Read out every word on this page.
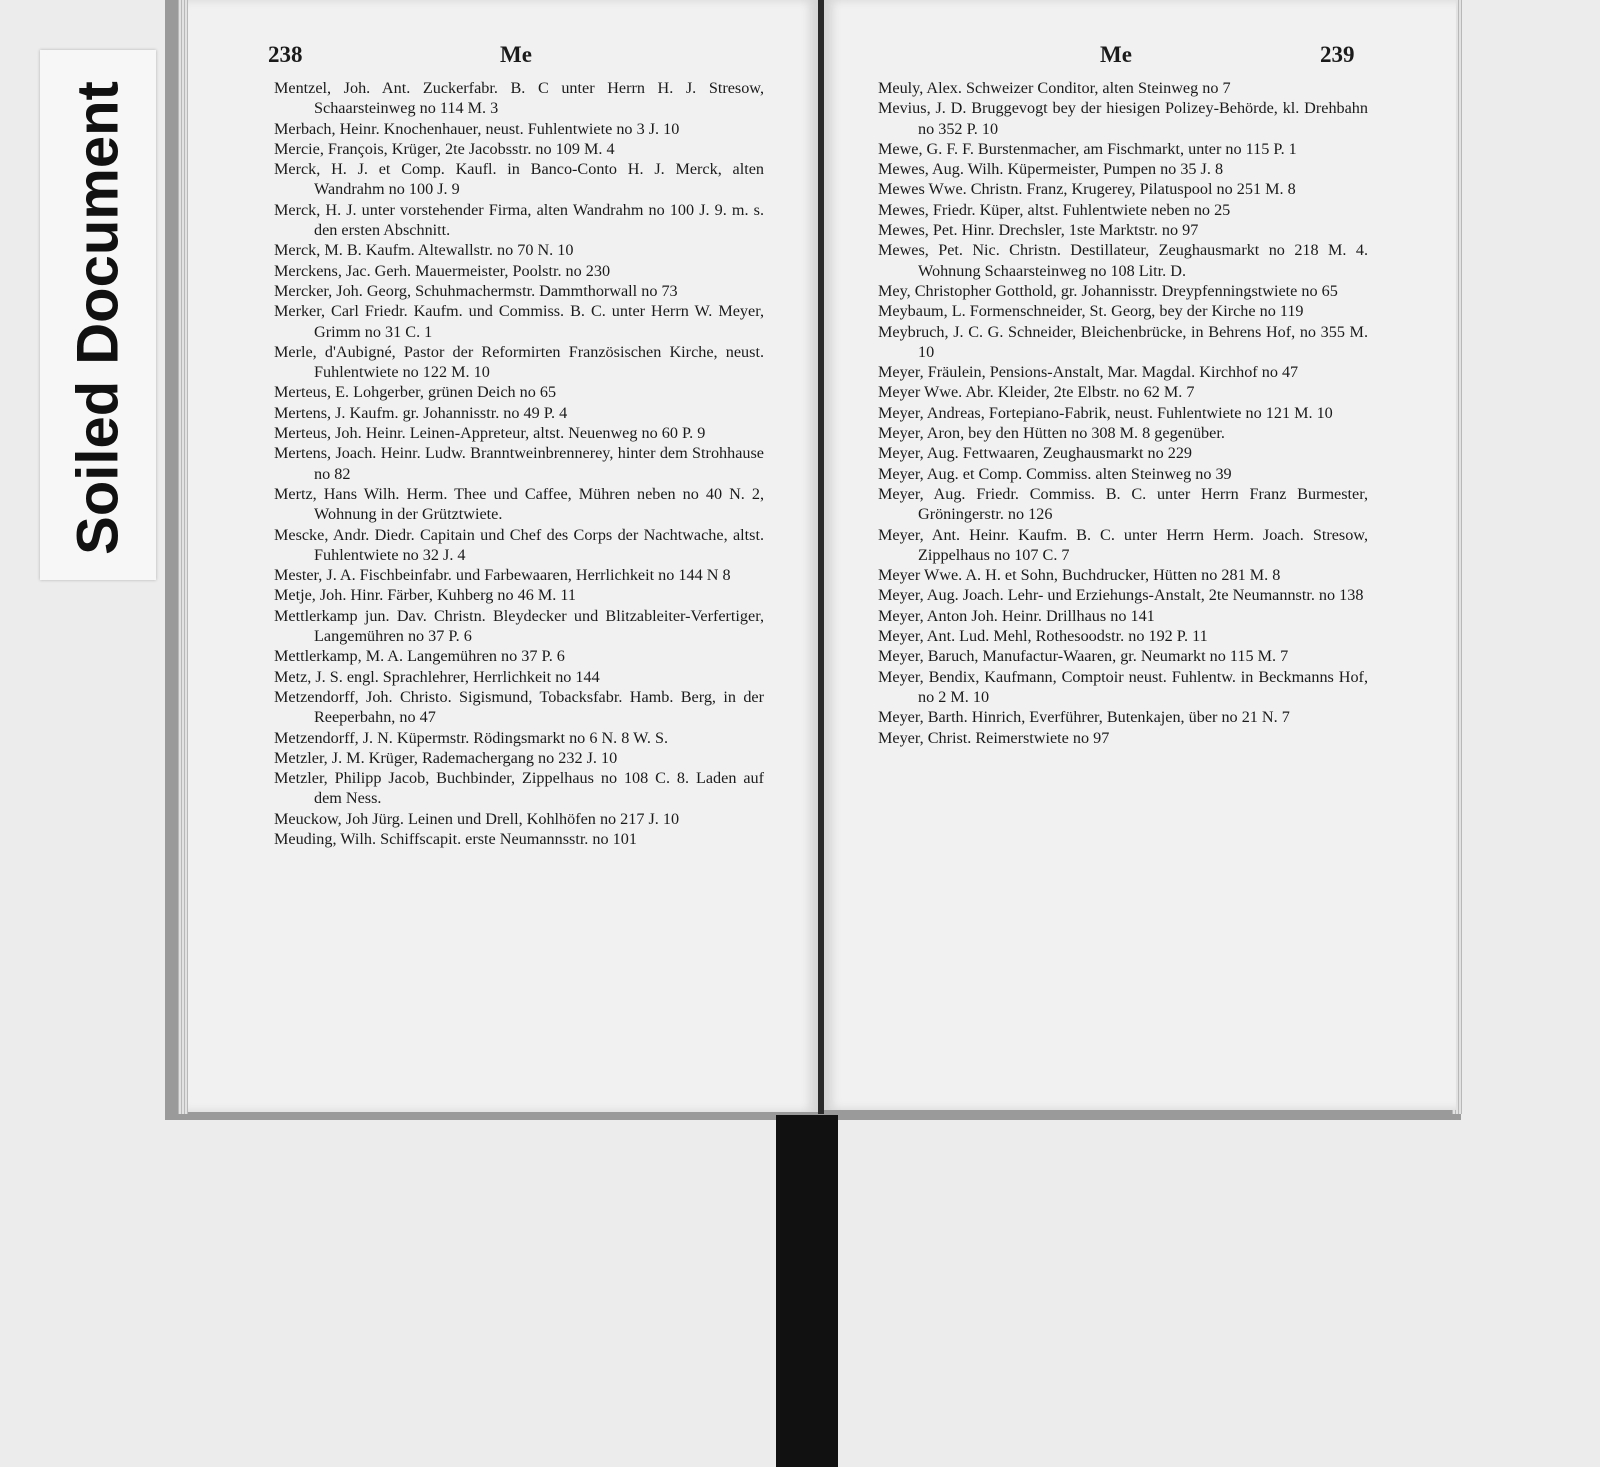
Soiled Document
238	Me	Me	239
Mentzel, Joh. Ant. Zuckerfabr. B. C unter Herrn H. J. Stresow, Schaarsteinweg no 114 M. 3
Merbach, Heinr. Knochenhauer, neust. Fuhlentwiete no 3 J. 10
Mercie, François, Krüger, 2te Jacobsstr. no 109 M. 4
Merck, H. J. et Comp. Kaufl. in Banco-Conto H. J. Merck, alten Wandrahm no 100 J. 9
Merck, H. J. unter vorstehender Firma, alten Wandrahm no 100 J. 9. m. s. den ersten Abschnitt.
Merck, M. B. Kaufm. Altewallstr. no 70 N. 10
Merckens, Jac. Gerh. Mauermeister, Poolstr. no 230
Mercker, Joh. Georg, Schuhmachermstr. Dammthorwall no 73
Merker, Carl Friedr. Kaufm. und Commiss. B. C. unter Herrn W. Meyer, Grimm no 31 C. 1
Merle, d'Aubigné, Pastor der Reformirten Französischen Kirche, neust. Fuhlentwiete no 122 M. 10
Merteus, E. Lohgerber, grünen Deich no 65
Mertens, J. Kaufm. gr. Johannisstr. no 49 P. 4
Merteus, Joh. Heinr. Leinen-Appreteur, altst. Neuenweg no 60 P. 9
Mertens, Joach. Heinr. Ludw. Branntweinbrennerey, hinter dem Strohhause no 82
Mertz, Hans Wilh. Herm. Thee und Caffee, Mühren neben no 40 N. 2, Wohnung in der Grütztwiete.
Mescke, Andr. Diedr. Capitain und Chef des Corps der Nachtwache, altst. Fuhlentwiete no 32 J. 4
Mester, J. A. Fischbeinfabr. und Farbewaaren, Herrlichkeit no 144 N 8
Metje, Joh. Hinr. Färber, Kuhberg no 46 M. 11
Mettlerkamp jun. Dav. Christn. Bleydecker und Blitzableiter-Verfertiger, Langemühren no 37 P. 6
Mettlerkamp, M. A. Langemühren no 37 P. 6
Metz, J. S. engl. Sprachlehrer, Herrlichkeit no 144
Metzendorff, Joh. Christo. Sigismund, Tobacksfabr. Hamb. Berg, in der Reeperbahn, no 47
Metzendorff, J. N. Küpermstr. Rödingsmarkt no 6 N. 8 W. S.
Metzler, J. M. Krüger, Rademachergang no 232 J. 10
Metzler, Philipp Jacob, Buchbinder, Zippelhaus no 108 C. 8. Laden auf dem Ness.
Meuckow, Joh Jürg. Leinen und Drell, Kohlhöfen no 217 J. 10
Meuding, Wilh. Schiffscapit. erste Neumannsstr. no 101
Meuly, Alex. Schweizer Conditor, alten Steinweg no 7
Mevius, J. D. Bruggevogt bey der hiesigen Polizey-Behörde, kl. Drehbahn no 352 P. 10
Mewe, G. F. F. Burstenmacher, am Fischmarkt, unter no 115 P. 1
Mewes, Aug. Wilh. Küpermeister, Pumpen no 35 J. 8
Mewes Wwe. Christn. Franz, Krugerey, Pilatuspool no 251 M. 8
Mewes, Friedr. Küper, altst. Fuhlentwiete neben no 25
Mewes, Pet. Hinr. Drechsler, 1ste Marktstr. no 97
Mewes, Pet. Nic. Christn. Destillateur, Zeughausmarkt no 218 M. 4. Wohnung Schaarsteinweg no 108 Litr. D.
Mey, Christopher Gotthold, gr. Johannisstr. Dreypfenningstwiete no 65
Meybaum, L. Formenschneider, St. Georg, bey der Kirche no 119
Meybruch, J. C. G. Schneider, Bleichenbrücke, in Behrens Hof, no 355 M. 10
Meyer, Fräulein, Pensions-Anstalt, Mar. Magdal. Kirchhof no 47
Meyer Wwe. Abr. Kleider, 2te Elbstr. no 62 M. 7
Meyer, Andreas, Fortepiano-Fabrik, neust. Fuhlentwiete no 121 M. 10
Meyer, Aron, bey den Hütten no 308 M. 8 gegenüber.
Meyer, Aug. Fettwaaren, Zeughausmarkt no 229
Meyer, Aug. et Comp. Commiss. alten Steinweg no 39
Meyer, Aug. Friedr. Commiss. B. C. unter Herrn Franz Burmester, Gröningerstr. no 126
Meyer, Ant. Heinr. Kaufm. B. C. unter Herrn Herm. Joach. Stresow, Zippelhaus no 107 C. 7
Meyer Wwe. A. H. et Sohn, Buchdrucker, Hütten no 281 M. 8
Meyer, Aug. Joach. Lehr- und Erziehungs-Anstalt, 2te Neumannstr. no 138
Meyer, Anton Joh. Heinr. Drillhaus no 141
Meyer, Ant. Lud. Mehl, Rothesoodstr. no 192 P. 11
Meyer, Baruch, Manufactur-Waaren, gr. Neumarkt no 115 M. 7
Meyer, Bendix, Kaufmann, Comptoir neust. Fuhlentw. in Beckmanns Hof, no 2 M. 10
Meyer, Barth. Hinrich, Everführer, Butenkajen, über no 21 N. 7
Meyer, Christ. Reimerstwiete no 97
